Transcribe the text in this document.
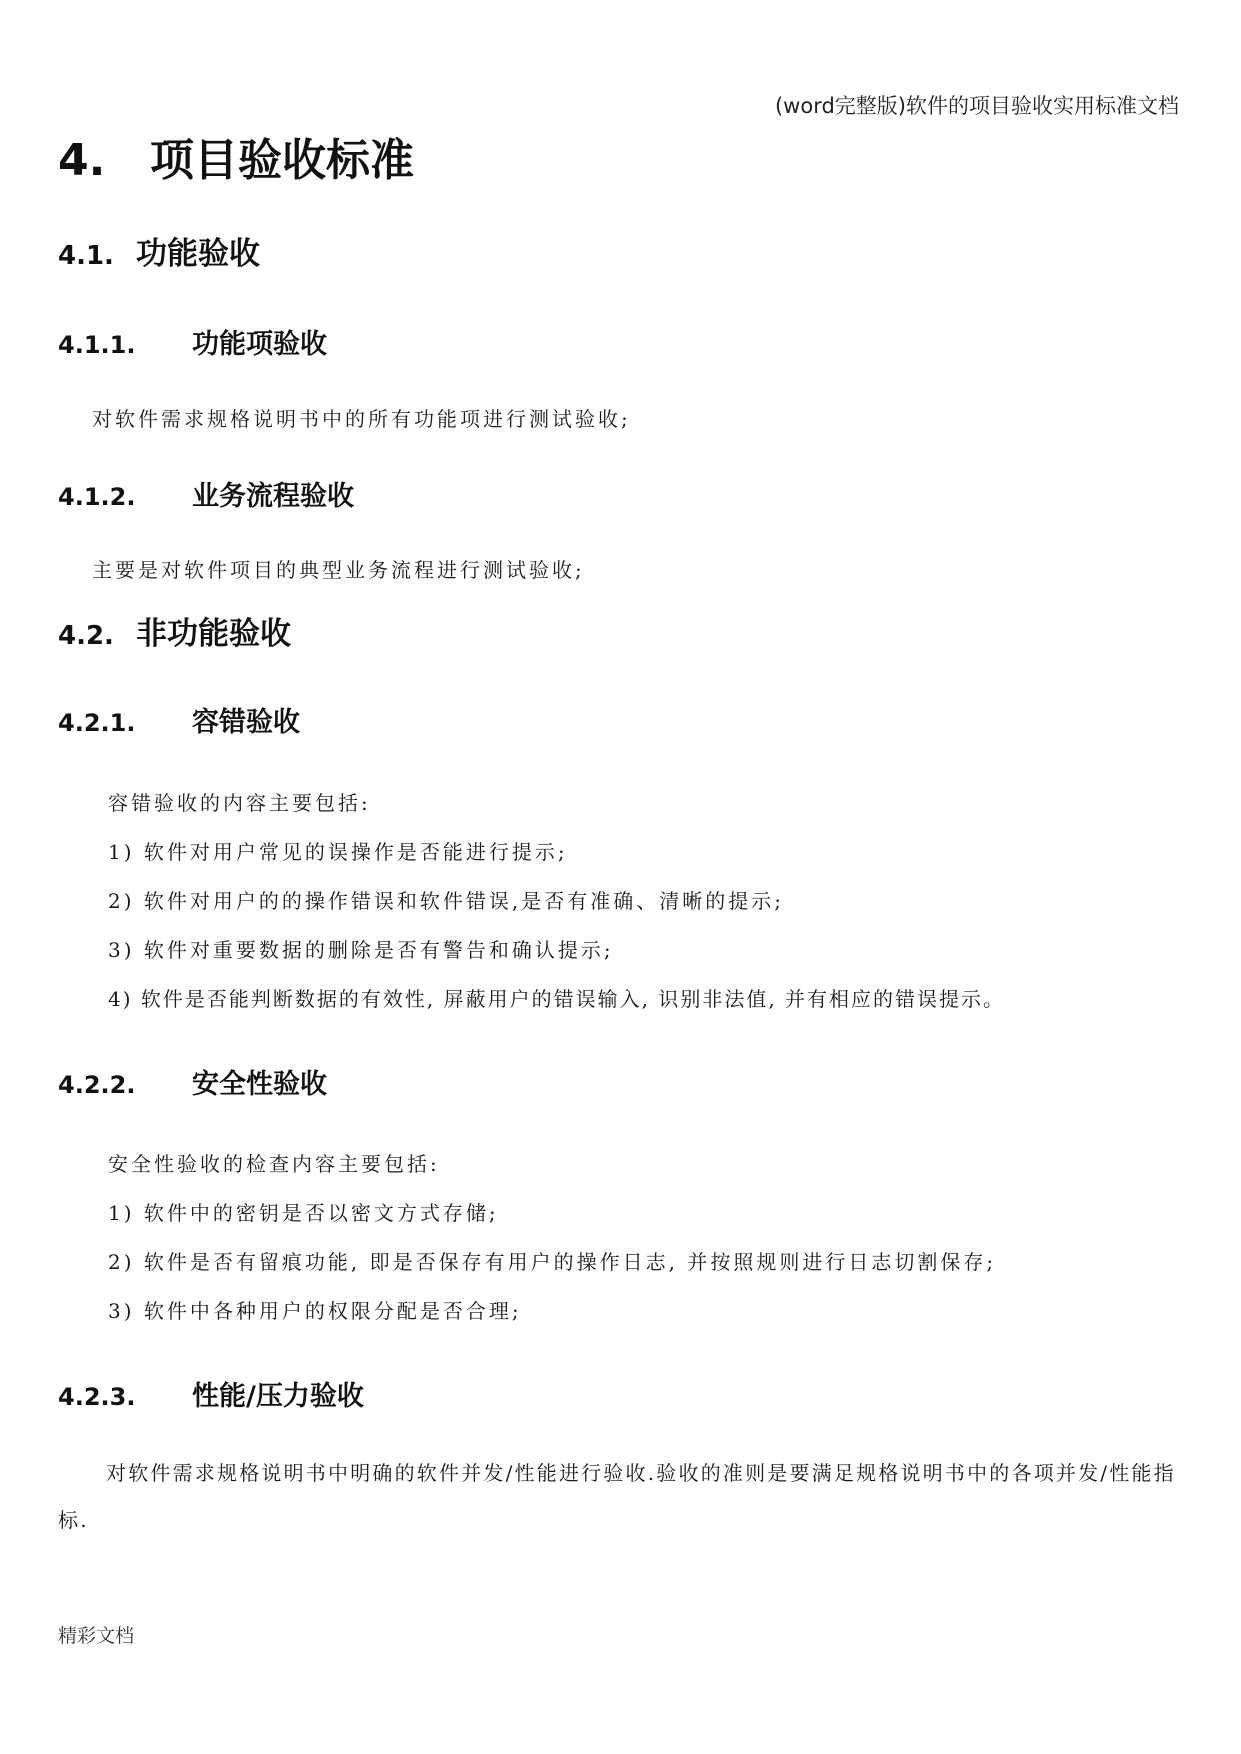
(word完整版)软件的项目验收实用标准文档
4.	项目验收标准
4.1. 功能验收
4.1.1.	功能项验收
对软件需求规格说明书中的所有功能项进行测试验收;
4.1.2.	业务流程验收
主要是对软件项目的典型业务流程进行测试验收;
4.2. 非功能验收
4.2.1.	容错验收
容错验收的内容主要包括:
1) 软件对用户常见的误操作是否能进行提示;
2) 软件对用户的的操作错误和软件错误,是否有准确、清晰的提示;
3) 软件对重要数据的删除是否有警告和确认提示;
4) 软件是否能判断数据的有效性, 屏蔽用户的错误输入, 识别非法值, 并有相应的错误提示。
4.2.2.	安全性验收
安全性验收的检查内容主要包括:
1) 软件中的密钥是否以密文方式存储;
2) 软件是否有留痕功能, 即是否保存有用户的操作日志, 并按照规则进行日志切割保存;
3) 软件中各种用户的权限分配是否合理;
4.2.3.	性能/压力验收
对软件需求规格说明书中明确的软件并发/性能进行验收.验收的准则是要满足规格说明书中的各项并发/性能指标.
精彩文档
